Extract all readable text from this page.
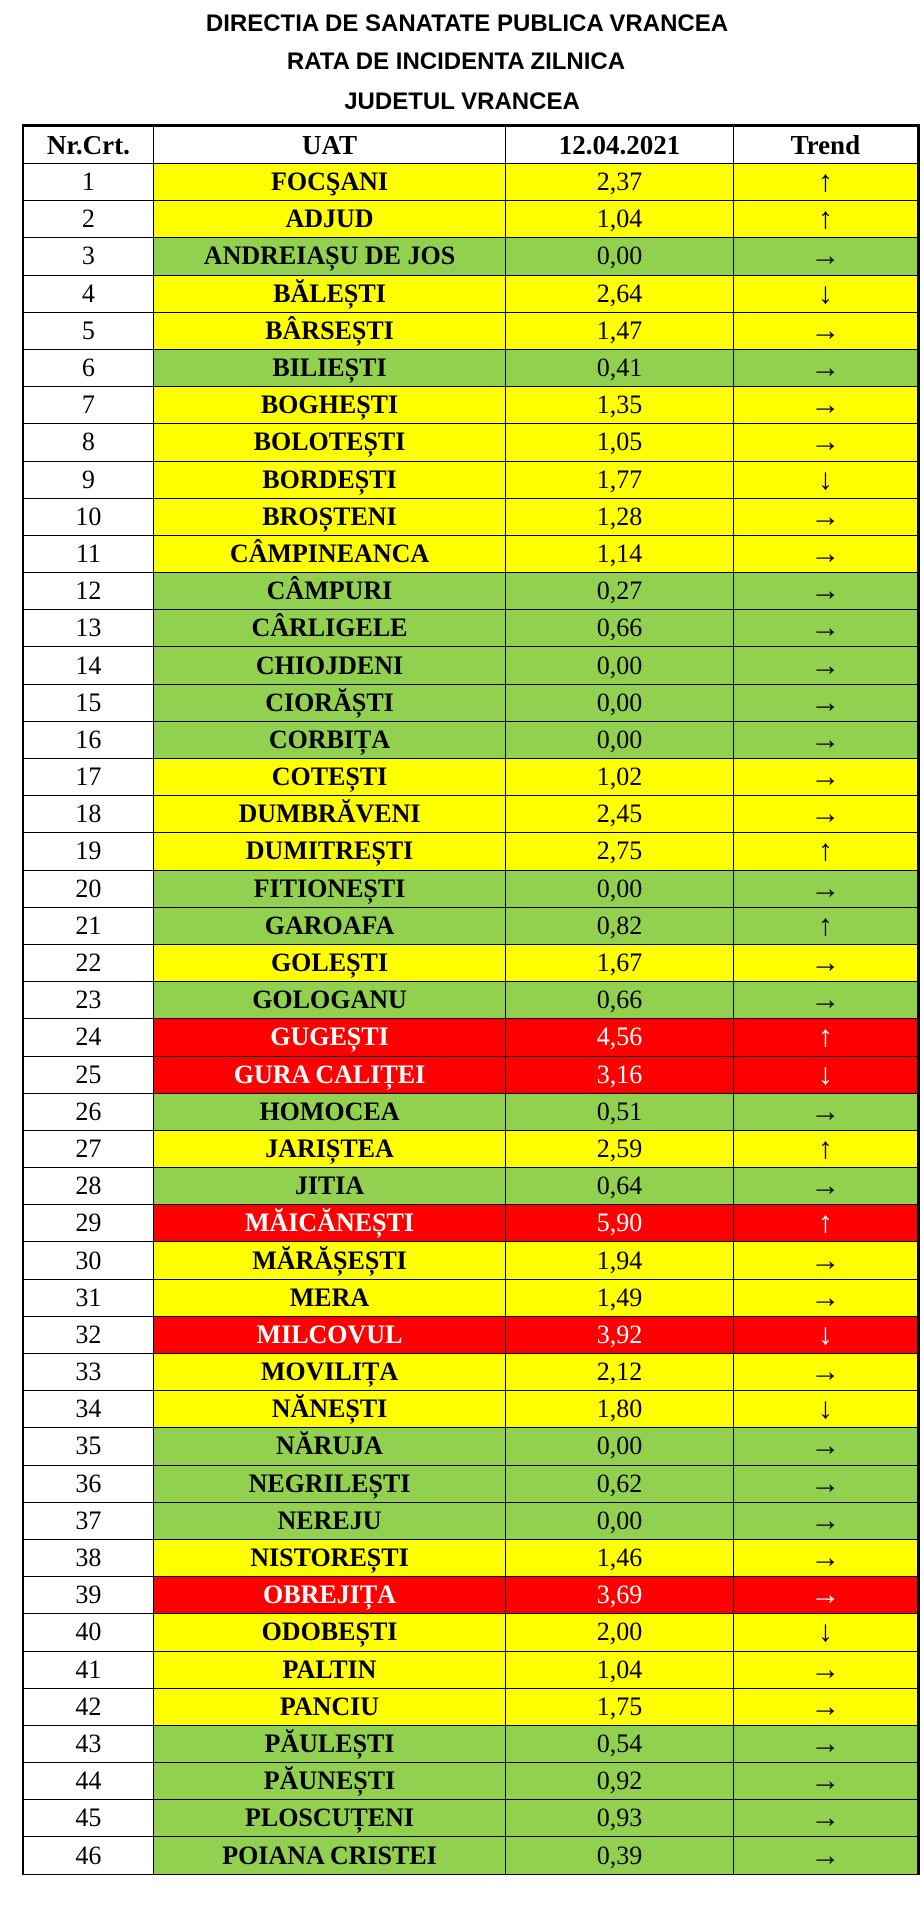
DIRECTIA DE SANATATE PUBLICA VRANCEA
RATA DE INCIDENTA ZILNICA
JUDETUL VRANCEA
Nr.Crt.	UAT	12.04.2021	Trend
1	FOCŞANI	2,37	↑
2	ADJUD	1,04	↑
3	ANDREIAȘU DE JOS	0,00	→
4	BĂLEȘTI	2,64	↓
5	BÂRSEȘTI	1,47	→
6	BILIEȘTI	0,41	→
7	BOGHEȘTI	1,35	→
8	BOLOTEȘTI	1,05	→
9	BORDEȘTI	1,77	↓
10	BROȘTENI	1,28	→
11	CÂMPINEANCA	1,14	→
12	CÂMPURI	0,27	→
13	CÂRLIGELE	0,66	→
14	CHIOJDENI	0,00	→
15	CIORĂȘTI	0,00	→
16	CORBIȚA	0,00	→
17	COTEȘTI	1,02	→
18	DUMBRĂVENI	2,45	→
19	DUMITREȘTI	2,75	↑
20	FITIONEȘTI	0,00	→
21	GAROAFA	0,82	↑
22	GOLEȘTI	1,67	→
23	GOLOGANU	0,66	→
24	GUGEȘTI	4,56	↑
25	GURA CALIȚEI	3,16	↓
26	HOMOCEA	0,51	→
27	JARIȘTEA	2,59	↑
28	JITIA	0,64	→
29	MĂICĂNEȘTI	5,90	↑
30	MĂRĂȘEȘTI	1,94	→
31	MERA	1,49	→
32	MILCOVUL	3,92	↓
33	MOVILIȚA	2,12	→
34	NĂNEȘTI	1,80	↓
35	NĂRUJA	0,00	→
36	NEGRILEȘTI	0,62	→
37	NEREJU	0,00	→
38	NISTOREȘTI	1,46	→
39	OBREJIȚA	3,69	→
40	ODOBEȘTI	2,00	↓
41	PALTIN	1,04	→
42	PANCIU	1,75	→
43	PĂULEȘTI	0,54	→
44	PĂUNEȘTI	0,92	→
45	PLOSCUȚENI	0,93	→
46	POIANA CRISTEI	0,39	→
